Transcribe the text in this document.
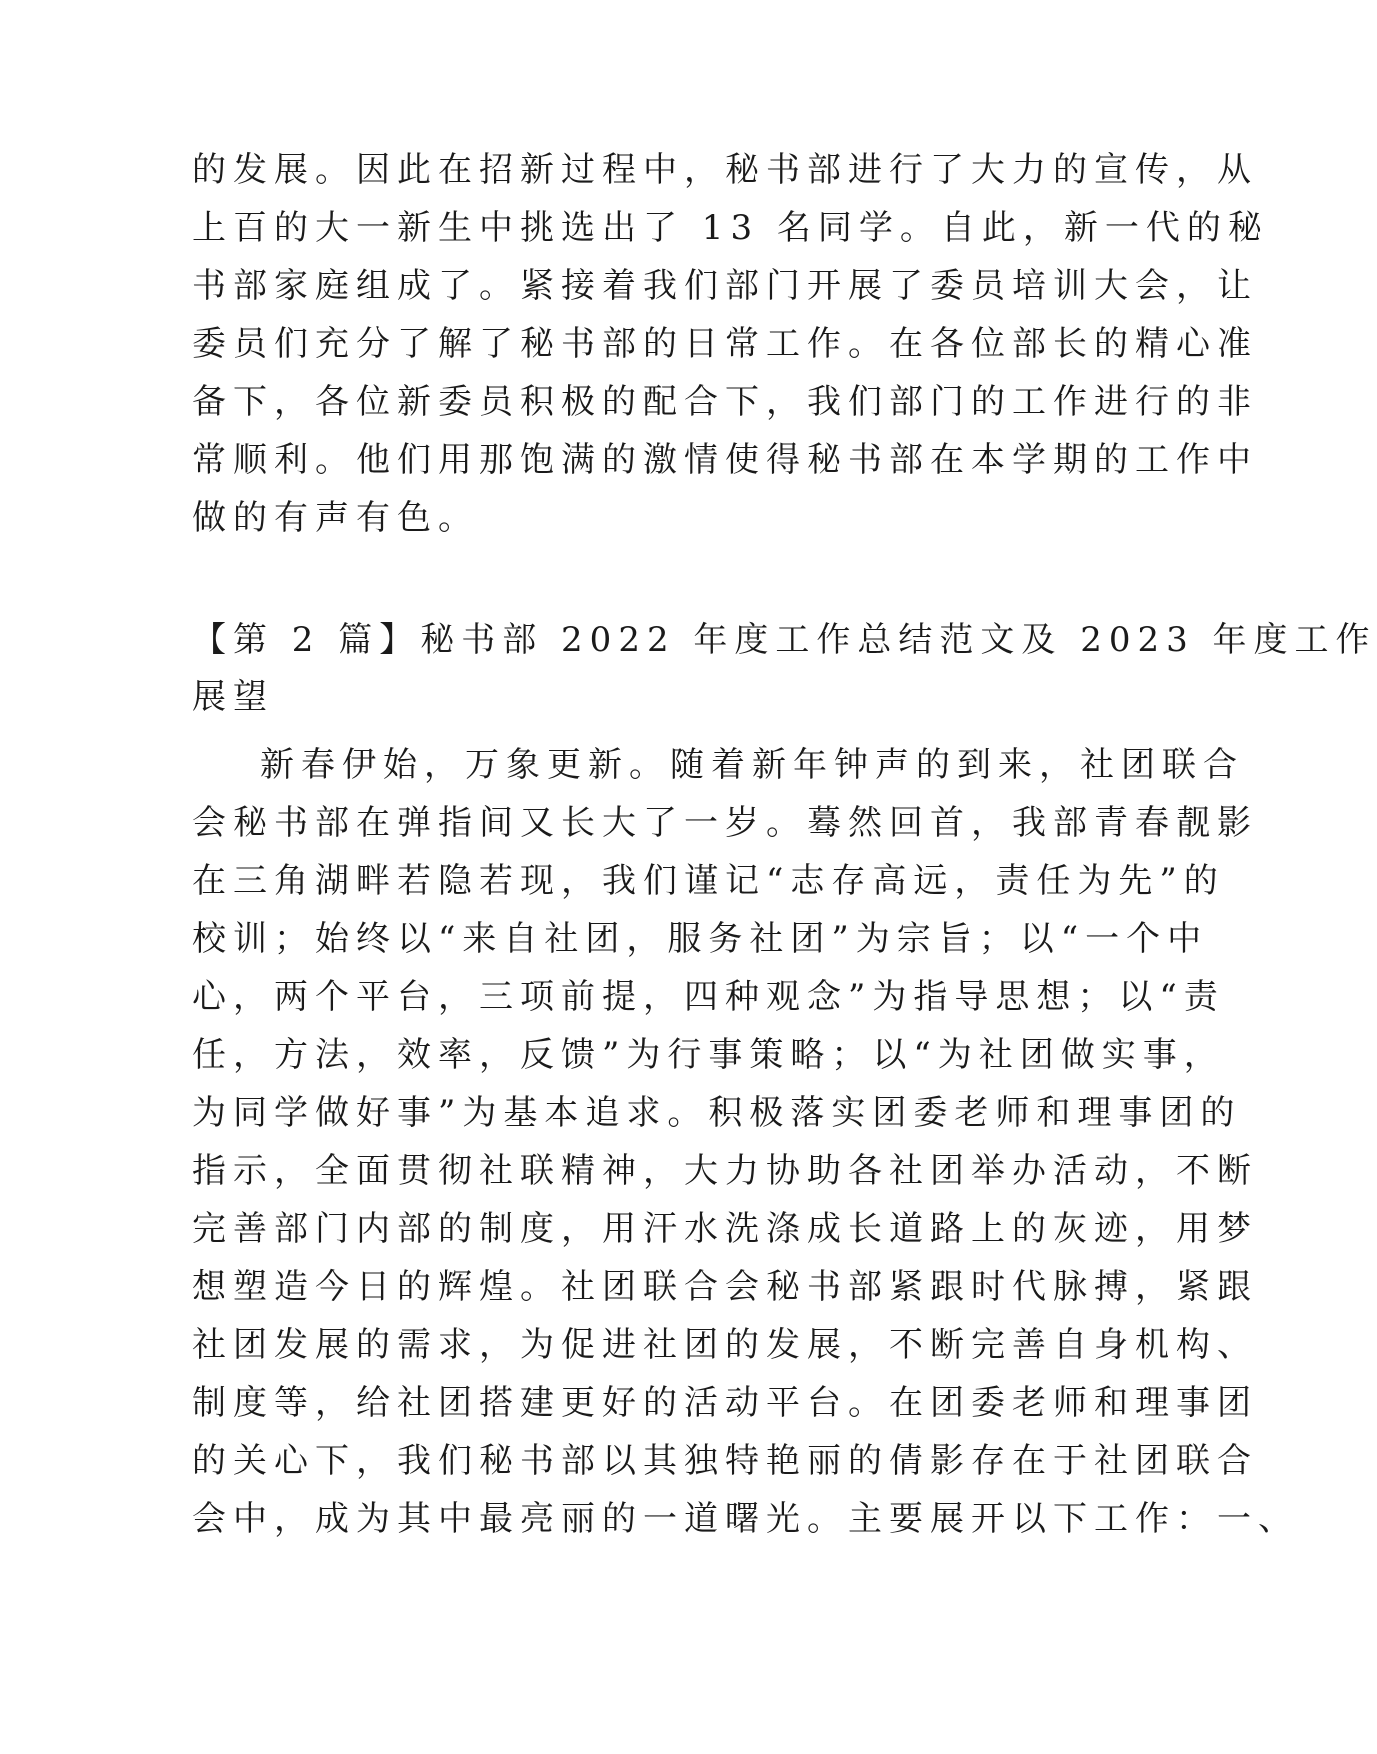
的发展。因此在招新过程中，秘书部进行了大力的宣传，从
上百的大一新生中挑选出了 13 名同学。自此，新一代的秘
书部家庭组成了。紧接着我们部门开展了委员培训大会，让
委员们充分了解了秘书部的日常工作。在各位部长的精心准
备下，各位新委员积极的配合下，我们部门的工作进行的非
常顺利。他们用那饱满的激情使得秘书部在本学期的工作中
做的有声有色。
【第 2 篇】秘书部 2022 年度工作总结范文及 2023 年度工作
展望
新春伊始，万象更新。随着新年钟声的到来，社团联合
会秘书部在弹指间又长大了一岁。蓦然回首，我部青春靓影
在三角湖畔若隐若现，我们谨记“志存高远，责任为先”的
校训；始终以“来自社团，服务社团”为宗旨；以“一个中
心，两个平台，三项前提，四种观念”为指导思想；以“责
任，方法，效率，反馈”为行事策略；以“为社团做实事，
为同学做好事”为基本追求。积极落实团委老师和理事团的
指示，全面贯彻社联精神，大力协助各社团举办活动，不断
完善部门内部的制度，用汗水洗涤成长道路上的灰迹，用梦
想塑造今日的辉煌。社团联合会秘书部紧跟时代脉搏，紧跟
社团发展的需求，为促进社团的发展，不断完善自身机构、
制度等，给社团搭建更好的活动平台。在团委老师和理事团
的关心下，我们秘书部以其独特艳丽的倩影存在于社团联合
会中，成为其中最亮丽的一道曙光。主要展开以下工作：一、
